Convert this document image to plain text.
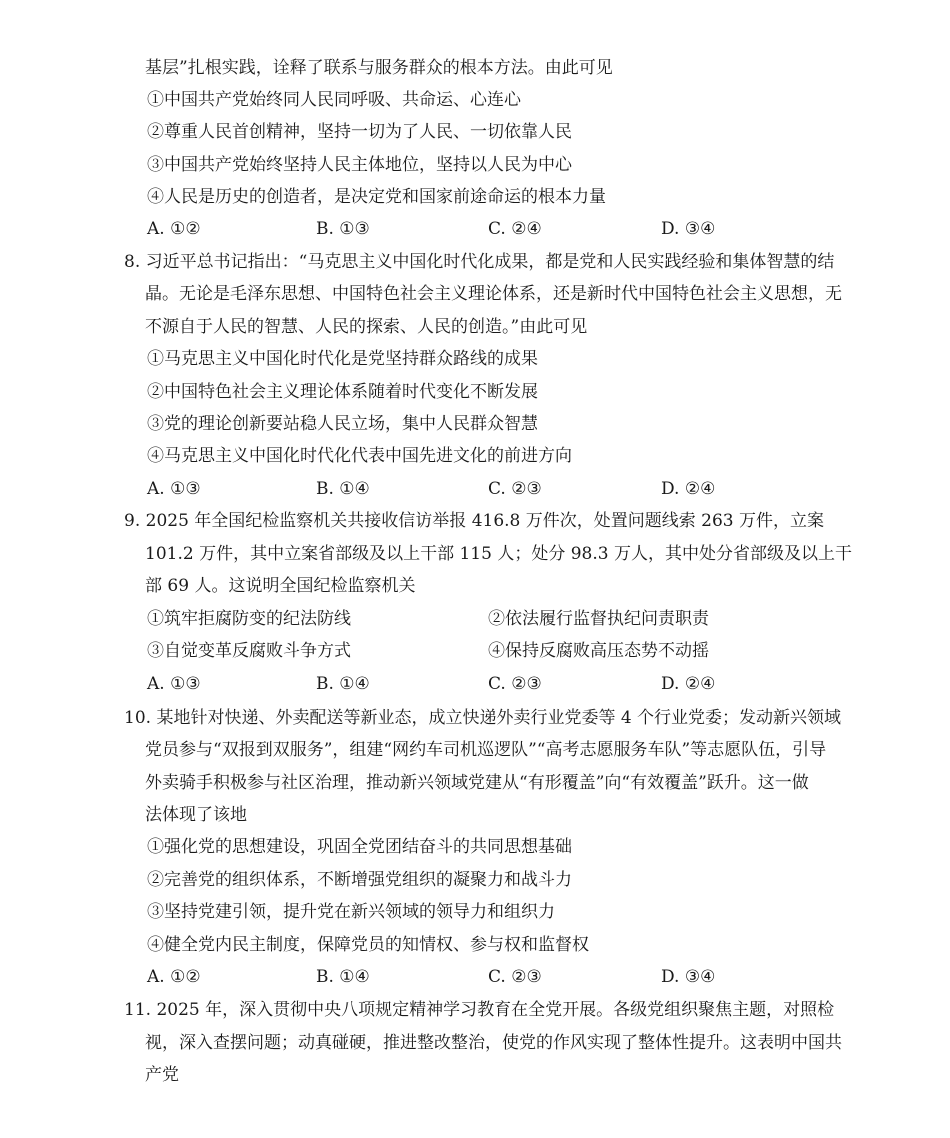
基层”扎根实践，诠释了联系与服务群众的根本方法。由此可见
①中国共产党始终同人民同呼吸、共命运、心连心
②尊重人民首创精神，坚持一切为了人民、一切依靠人民
③中国共产党始终坚持人民主体地位，坚持以人民为中心
④人民是历史的创造者，是决定党和国家前途命运的根本力量
A. ①②	B. ①③	C. ②④	D. ③④
8. 习近平总书记指出：“马克思主义中国化时代化成果，都是党和人民实践经验和集体智慧的结
晶。无论是毛泽东思想、中国特色社会主义理论体系，还是新时代中国特色社会主义思想，无
不源自于人民的智慧、人民的探索、人民的创造。”由此可见
①马克思主义中国化时代化是党坚持群众路线的成果
②中国特色社会主义理论体系随着时代变化不断发展
③党的理论创新要站稳人民立场，集中人民群众智慧
④马克思主义中国化时代化代表中国先进文化的前进方向
A. ①③	B. ①④	C. ②③	D. ②④
9. 2025 年全国纪检监察机关共接收信访举报 416.8 万件次，处置问题线索 263 万件，立案
101.2 万件，其中立案省部级及以上干部 115 人；处分 98.3 万人，其中处分省部级及以上干
部 69 人。这说明全国纪检监察机关
①筑牢拒腐防变的纪法防线	②依法履行监督执纪问责职责
③自觉变革反腐败斗争方式	④保持反腐败高压态势不动摇
A. ①③	B. ①④	C. ②③	D. ②④
10. 某地针对快递、外卖配送等新业态，成立快递外卖行业党委等 4 个行业党委；发动新兴领域
党员参与“双报到双服务”，组建“网约车司机巡逻队”“高考志愿服务车队”等志愿队伍，引导
外卖骑手积极参与社区治理，推动新兴领域党建从“有形覆盖”向“有效覆盖”跃升。这一做
法体现了该地
①强化党的思想建设，巩固全党团结奋斗的共同思想基础
②完善党的组织体系，不断增强党组织的凝聚力和战斗力
③坚持党建引领，提升党在新兴领域的领导力和组织力
④健全党内民主制度，保障党员的知情权、参与权和监督权
A. ①②	B. ①④	C. ②③	D. ③④
11. 2025 年，深入贯彻中央八项规定精神学习教育在全党开展。各级党组织聚焦主题，对照检
视，深入查摆问题；动真碰硬，推进整改整治，使党的作风实现了整体性提升。这表明中国共
产党
